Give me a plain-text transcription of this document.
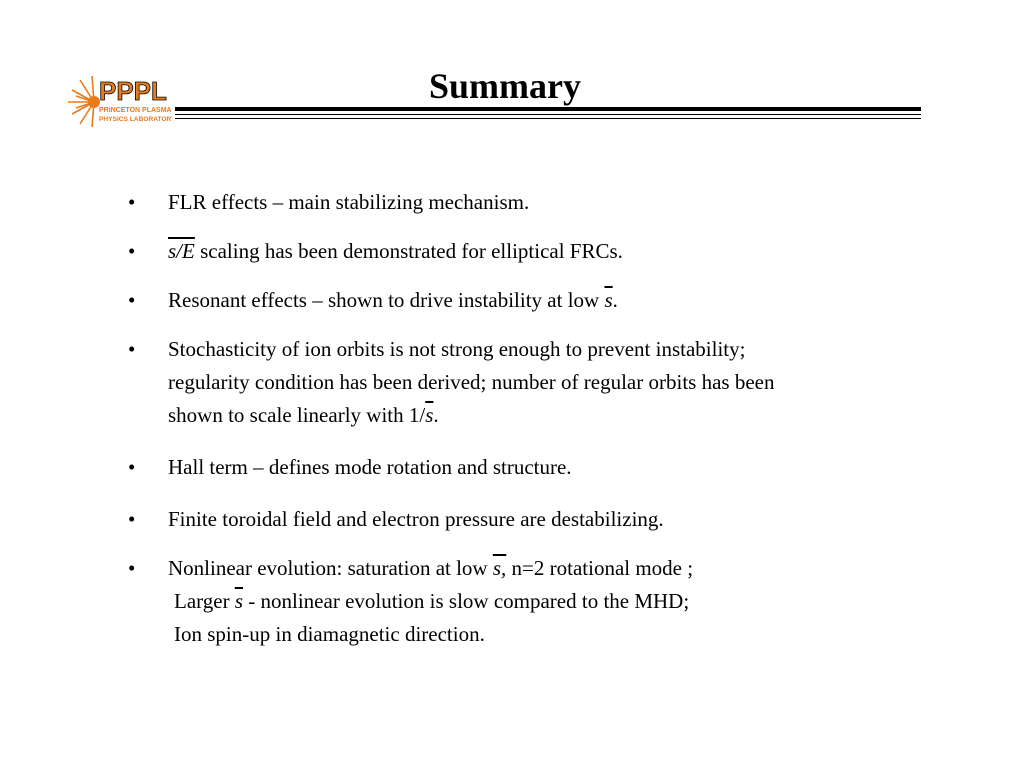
PPPL
PRINCETON PLASMA
PHYSICS LABORATORY
Summary
• FLR effects – main stabilizing mechanism.
• s/E scaling has been demonstrated for elliptical FRCs.
• Resonant effects – shown to drive instability at low $\overline{s}$.
• Stochasticity of ion orbits is not strong enough to prevent instability;
regularity condition has been derived; number of regular orbits has been
shown to scale linearly with $1/\overline{s}$.
• Hall term – defines mode rotation and structure.
• Finite toroidal field and electron pressure are destabilizing.
• Nonlinear evolution: saturation at low s, n=2 rotational mode ;
Larger $\overline{s}$ - nonlinear evolution is slow compared to the MHD;
Ion spin-up in diamagnetic direction.
